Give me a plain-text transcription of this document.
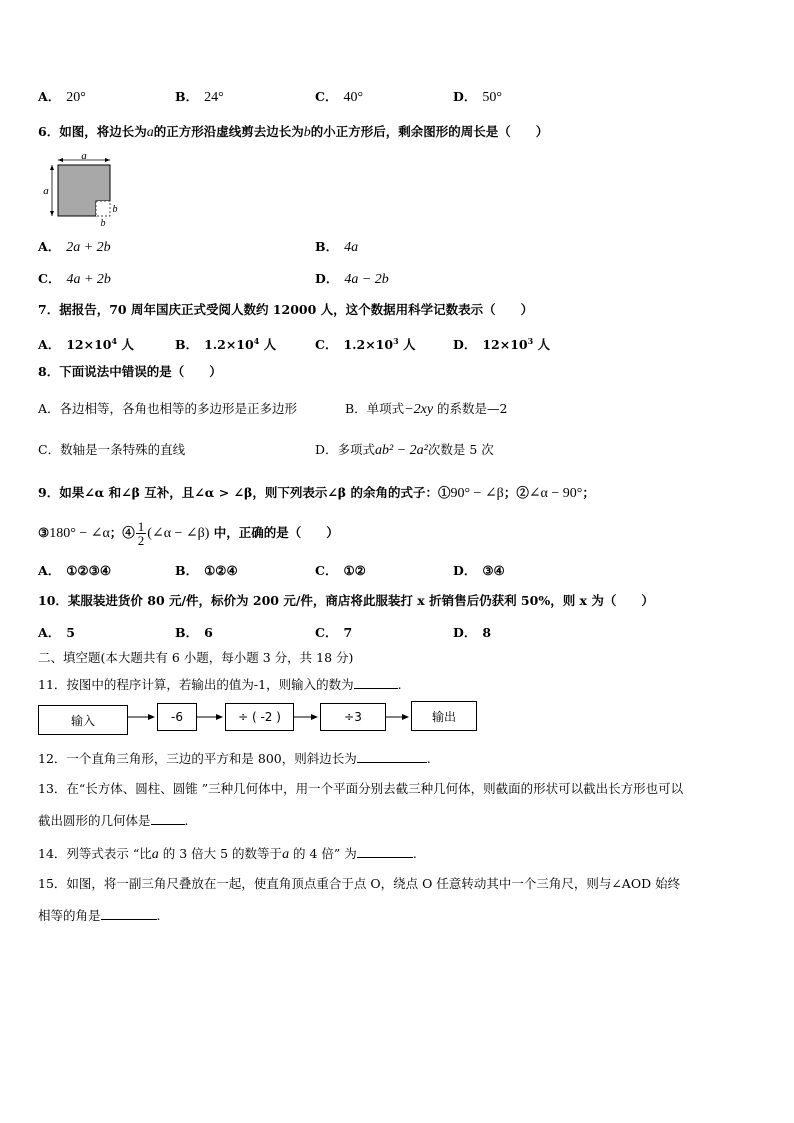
A． 20°	B． 24°	C． 40°	D． 50°
6．如图，将边长为a的正方形沿虚线剪去边长为b的小正方形后，剩余图形的周长是（　　）
a
a
b
b
A． 2a + 2b	B． 4a
C． 4a + 2b	D． 4a − 2b
7．据报告，70 周年国庆正式受阅人数约 12000 人，这个数据用科学记数表示（　　）
A． $12\times 10^4$ 人	B． $1.2\times 10^4$ 人	C． $1.2\times 10^3$ 人	D． $12\times 10^3$ 人
8．下面说法中错误的是（　　）
A．各边相等，各角也相等的多边形是正多边形	B．单项式−2xy 的系数是—2
C．数轴是一条特殊的直线	D．多项式ab² − 2a²次数是 5 次
9．如果∠α 和∠β 互补，且∠α > ∠β，则下列表示∠β 的余角的式子：①90° − ∠β；②∠α − 90°；
③180° − ∠α；④ $\frac{1}{2}$ (∠α − ∠β) 中，正确的是（　　）
A． ①②③④	B． ①②④	C． ①②	D． ③④
10．某服装进货价 80 元/件，标价为 200 元/件，商店将此服装打 x 折销售后仍获利 50%，则 x 为（　　）
A． 5	B． 6	C． 7	D． 8
二、填空题(本大题共有 6 小题，每小题 3 分，共 18 分)
11．按图中的程序计算，若输出的值为-1，则输入的数为	.
输入	-6	÷ ( -2 )	÷3	输出
12．一个直角三角形，三边的平方和是 800，则斜边长为	.
13．在“长方体、圆柱、圆锥 ”三种几何体中，用一个平面分别去截三种几何体，则截面的形状可以截出长方形也可以
截出圆形的几何体是	.
14．列等式表示 “比a 的 3 倍大 5 的数等于a 的 4 倍” 为	.
15．如图，将一副三角尺叠放在一起，使直角顶点重合于点 O，绕点 O 任意转动其中一个三角尺，则与∠AOD 始终
相等的角是	.
